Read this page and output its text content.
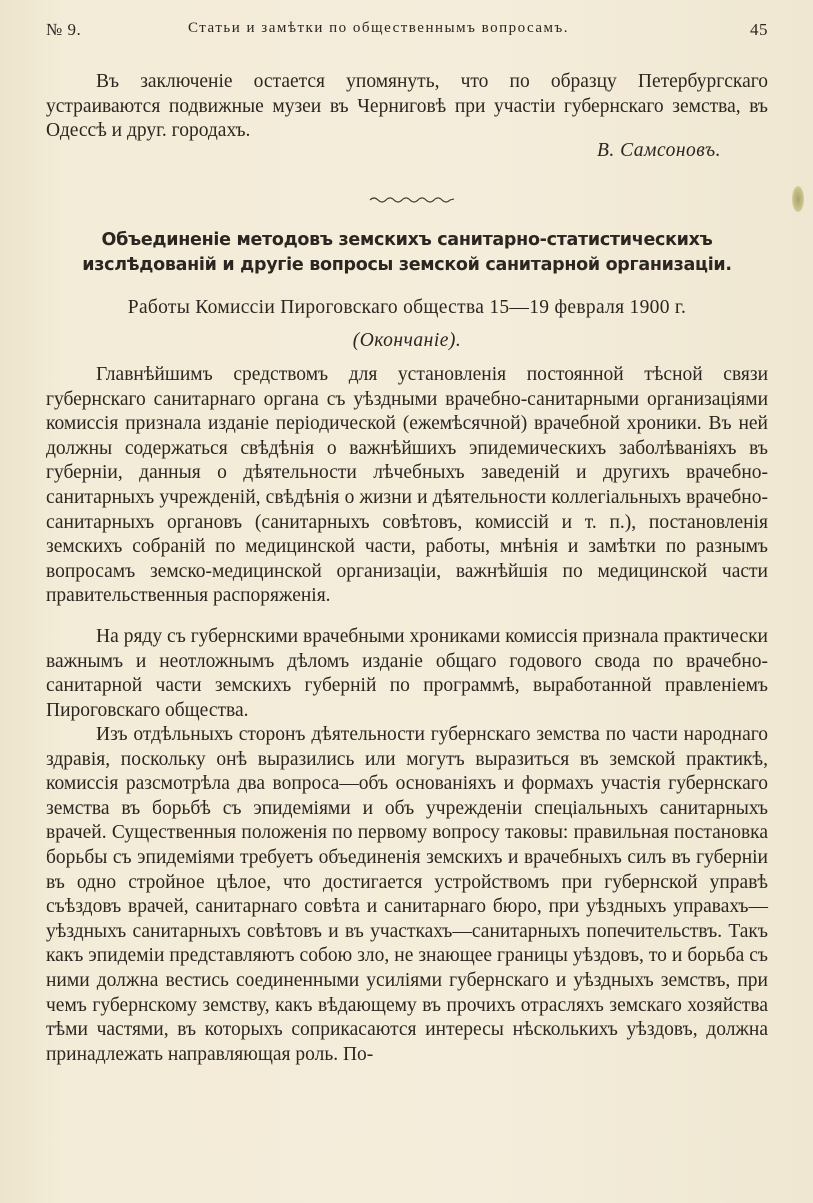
№ 9.	Статьи и замѣтки по общественнымъ вопросамъ.	45

Въ заключеніе остается упомянуть, что по образцу Петербургскаго устраиваются подвижные музеи въ Черниговѣ при участіи губернскаго земства, въ Одессѣ и друг. городахъ.

В. Самсоновъ.
Объединеніе методовъ земскихъ санитарно-статистическихъ изслѣдованій и другіе вопросы земской санитарной организаціи.
Работы Комиссіи Пироговскаго общества 15—19 февраля 1900 г.
(Окончаніе).

Главнѣйшимъ средствомъ для установленія постоянной тѣсной связи губернскаго санитарнаго органа съ уѣздными врачебно-санитарными организаціями комиссія признала изданіе періодической (ежемѣсячной) врачебной хроники. Въ ней должны содержаться свѣдѣнія о важнѣйшихъ эпидемическихъ заболѣваніяхъ въ губерніи, данныя о дѣятельности лѣчебныхъ заведеній и другихъ врачебно-санитарныхъ учрежденій, свѣдѣнія о жизни и дѣятельности коллегіальныхъ врачебно-санитарныхъ органовъ (санитарныхъ совѣтовъ, комиссій и т. п.), постановленія земскихъ собраній по медицинской части, работы, мнѣнія и замѣтки по разнымъ вопросамъ земско-медицинской организаціи, важнѣйшія по медицинской части правительственныя распоряженія.

На ряду съ губернскими врачебными хрониками комиссія признала практически важнымъ и неотложнымъ дѣломъ изданіе общаго годового свода по врачебно-санитарной части земскихъ губерній по программѣ, выработанной правленіемъ Пироговскаго общества.

Изъ отдѣльныхъ сторонъ дѣятельности губернскаго земства по части народнаго здравія, поскольку онѣ выразились или могутъ выразиться въ земской практикѣ, комиссія разсмотрѣла два вопроса—объ основаніяхъ и формахъ участія губернскаго земства въ борьбѣ съ эпидеміями и объ учрежденіи спеціальныхъ санитарныхъ врачей. Существенныя положенія по первому вопросу таковы: правильная постановка борьбы съ эпидеміями требуетъ объединенія земскихъ и врачебныхъ силъ въ губерніи въ одно стройное цѣлое, что достигается устройствомъ при губернской управѣ съѣздовъ врачей, санитарнаго совѣта и санитарнаго бюро, при уѣздныхъ управахъ—уѣздныхъ санитарныхъ совѣтовъ и въ участкахъ—санитарныхъ попечительствъ. Такъ какъ эпидеміи представляютъ собою зло, не знающее границы уѣздовъ, то и борьба съ ними должна вестись соединенными усиліями губернскаго и уѣздныхъ земствъ, при чемъ губернскому земству, какъ вѣдающему въ прочихъ отрасляхъ земскаго хозяйства тѣми частями, въ которыхъ соприкасаются интересы нѣсколькихъ уѣздовъ, должна принадлежать направляющая роль. По-
